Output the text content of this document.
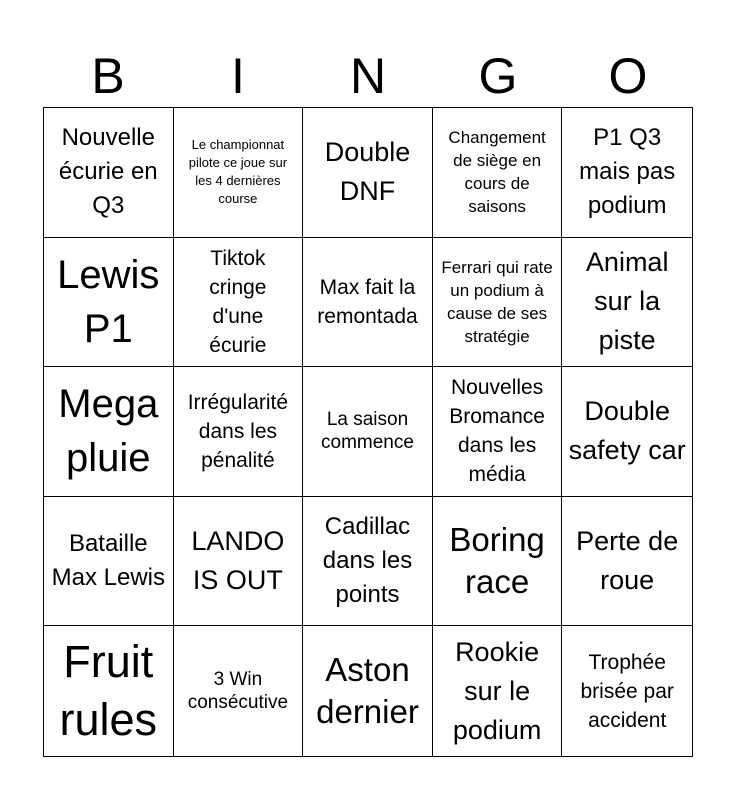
B	I	N	G	O
Nouvelle écurie en Q3
Le championnat pilote ce joue sur les 4 dernières course
Double DNF
Changement de siège en cours de saisons
P1 Q3 mais pas podium
Lewis P1
Tiktok cringe d'une écurie
Max fait la remontada
Ferrari qui rate un podium à cause de ses stratégie
Animal sur la piste
Mega pluie
Irrégularité dans les pénalité
La saison commence
Nouvelles Bromance dans les média
Double safety car
Bataille Max Lewis
LANDO IS OUT
Cadillac dans les points
Boring race
Perte de roue
Fruit rules
3 Win consécutive
Aston dernier
Rookie sur le podium
Trophée brisée par accident
